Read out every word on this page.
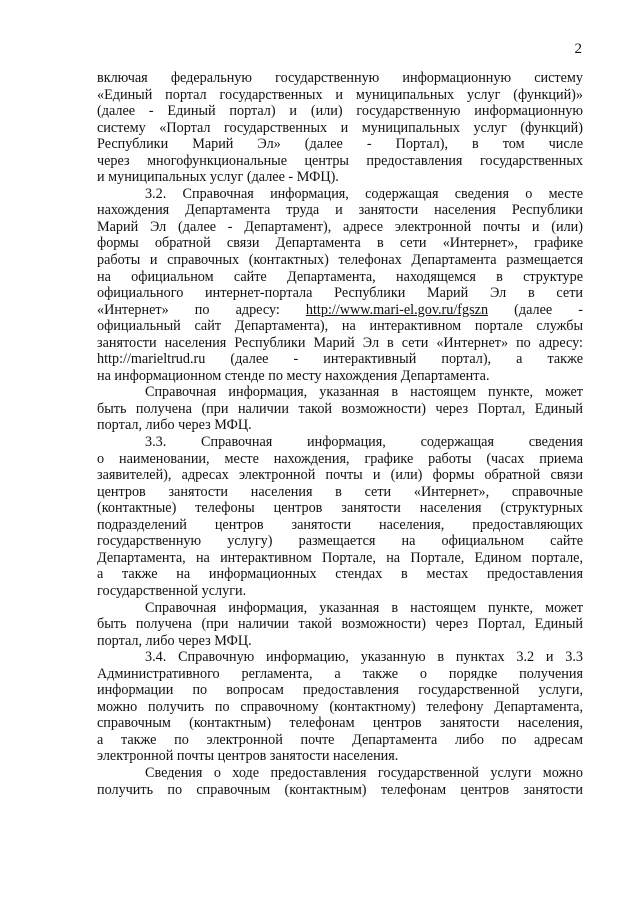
2
включая федеральную государственную информационную систему
«Единый портал государственных и муниципальных услуг (функций)»
(далее - Единый портал) и (или) государственную информационную
систему «Портал государственных и муниципальных услуг (функций)
Республики Марий Эл» (далее - Портал), в том числе
через многофункциональные центры предоставления государственных
и муниципальных услуг (далее - МФЦ).
3.2. Справочная информация, содержащая сведения о месте
нахождения Департамента труда и занятости населения Республики
Марий Эл (далее - Департамент), адресе электронной почты и (или)
формы обратной связи Департамента в сети «Интернет», графике
работы и справочных (контактных) телефонах Департамента размещается
на официальном сайте Департамента, находящемся в структуре
официального интернет-портала Республики Марий Эл в сети
«Интернет» по адресу: http://www.mari-el.gov.ru/fgszn (далее -
официальный сайт Департамента), на интерактивном портале службы
занятости населения Республики Марий Эл в сети «Интернет» по адресу:
http://marieltrud.ru (далее - интерактивный портал), а также
на информационном стенде по месту нахождения Департамента.
Справочная информация, указанная в настоящем пункте, может
быть получена (при наличии такой возможности) через Портал, Единый
портал, либо через МФЦ.
3.3. Справочная информация, содержащая сведения
о наименовании, месте нахождения, графике работы (часах приема
заявителей), адресах электронной почты и (или) формы обратной связи
центров занятости населения в сети «Интернет», справочные
(контактные) телефоны центров занятости населения (структурных
подразделений центров занятости населения, предоставляющих
государственную услугу) размещается на официальном сайте
Департамента, на интерактивном Портале, на Портале, Едином портале,
а также на информационных стендах в местах предоставления
государственной услуги.
Справочная информация, указанная в настоящем пункте, может
быть получена (при наличии такой возможности) через Портал, Единый
портал, либо через МФЦ.
3.4. Справочную информацию, указанную в пунктах 3.2 и 3.3
Административного регламента, а также о порядке получения
информации по вопросам предоставления государственной услуги,
можно получить по справочному (контактному) телефону Департамента,
справочным (контактным) телефонам центров занятости населения,
а также по электронной почте Департамента либо по адресам
электронной почты центров занятости населения.
Сведения о ходе предоставления государственной услуги можно
получить по справочным (контактным) телефонам центров занятости
